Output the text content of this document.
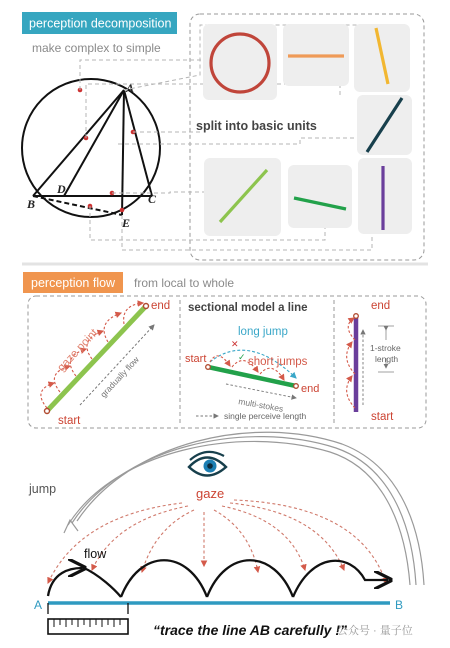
perception decomposition
make complex to simple
A
B	C
D
E
split into basic units
perception flow from local to whole
end
start
gaze point
gradually flow
sectional model a line
✕
✓
long jump
short jumps
start
end
multi-stokes
single perceive length
end
start
1-stroke
length
jump	gaze
flow
A	B
“trace the line AB carefully !”
公众号 · 量子位
